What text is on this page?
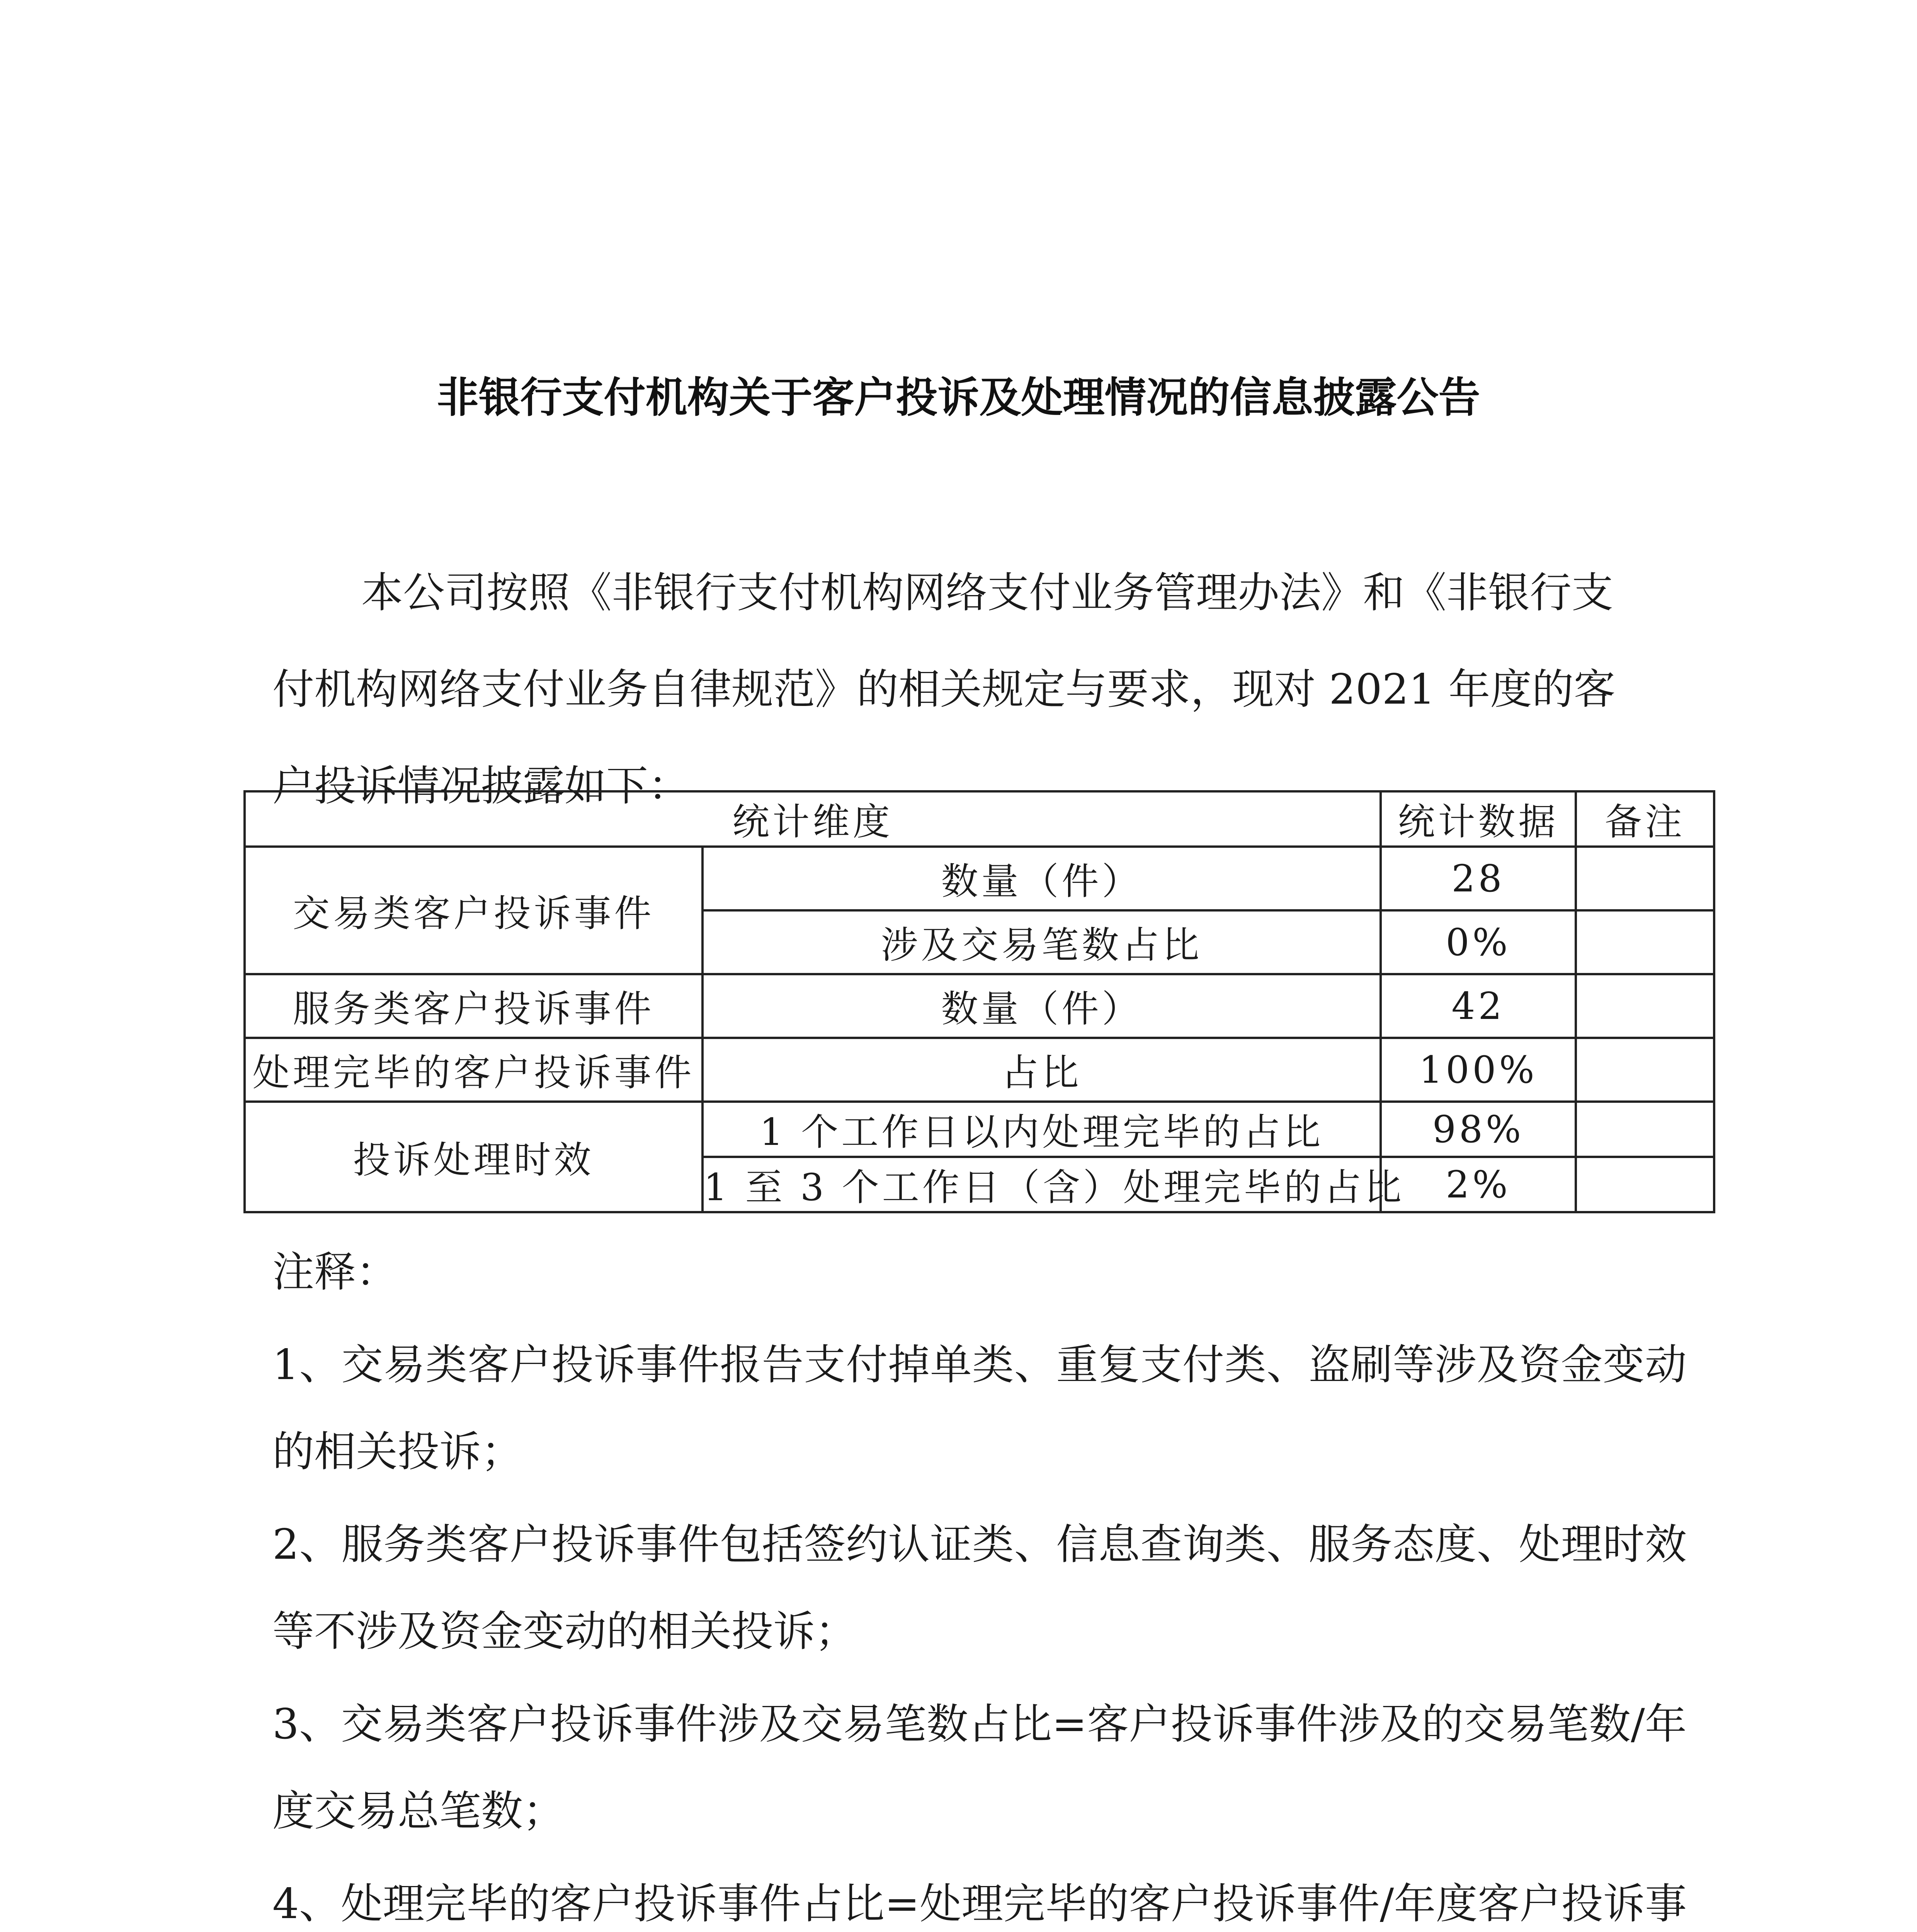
非银行支付机构关于客户投诉及处理情况的信息披露公告
本公司按照《非银行支付机构网络支付业务管理办法》和《非银行支
付机构网络支付业务自律规范》的相关规定与要求，现对 2021 年度的客
户投诉情况披露如下：
统计维度		统计数据	备注
交易类客户投诉事件	数量（件）	28	
	涉及交易笔数占比	0%	
服务类客户投诉事件	数量（件）	42	
处理完毕的客户投诉事件	占比	100%	
投诉处理时效	1 个工作日以内处理完毕的占比	98%	
	1 至 3 个工作日（含）处理完毕的占比	2%	
注释：
1、交易类客户投诉事件报告支付掉单类、重复支付类、盗刷等涉及资金变动的相关投诉；
2、服务类客户投诉事件包括签约认证类、信息查询类、服务态度、处理时效等不涉及资金变动的相关投诉；
3、交易类客户投诉事件涉及交易笔数占比=客户投诉事件涉及的交易笔数/年度交易总笔数；
4、处理完毕的客户投诉事件占比=处理完毕的客户投诉事件/年度客户投诉事
